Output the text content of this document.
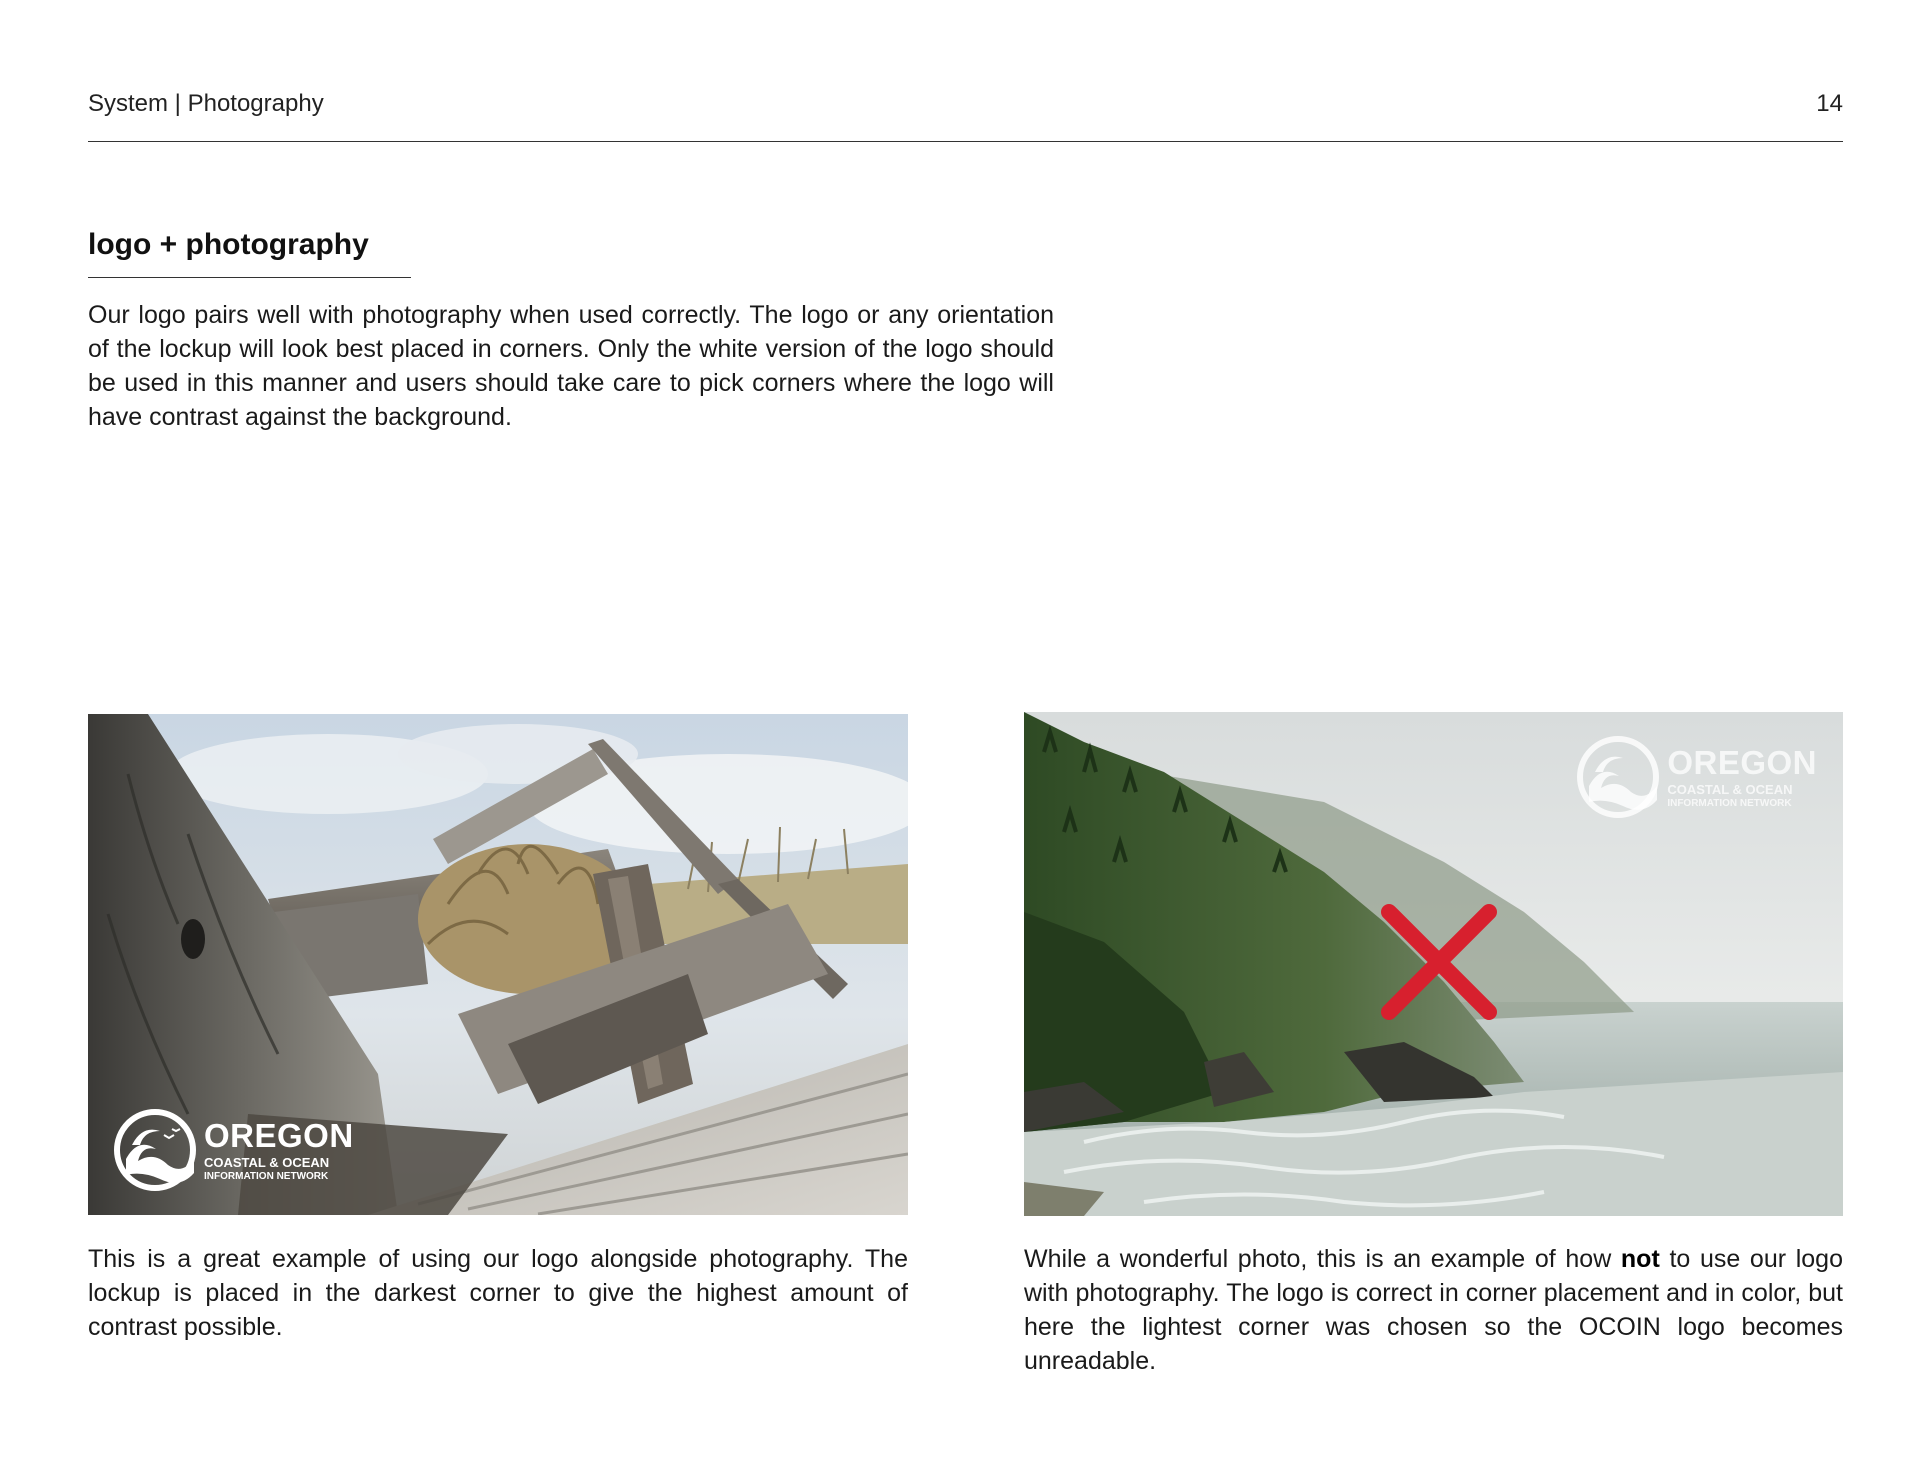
System | Photography	14
logo + photography

Our logo pairs well with photography when used correctly. The logo or any orientation of the lockup will look best placed in corners. Only the white version of the logo should be used in this manner and users should take care to pick corners where the logo will have contrast against the background.

OREGON
COASTAL & OCEAN
INFORMATION NETWORK
OREGON
COASTAL & OCEAN
INFORMATION NETWORK

This is a great example of using our logo alongside photography. The lockup is placed in the darkest corner to give the highest amount of contrast possible.

While a wonderful photo, this is an example of how not to use our logo with photography. The logo is correct in corner placement and in color, but here the lightest corner was chosen so the OCOIN logo becomes unreadable.
